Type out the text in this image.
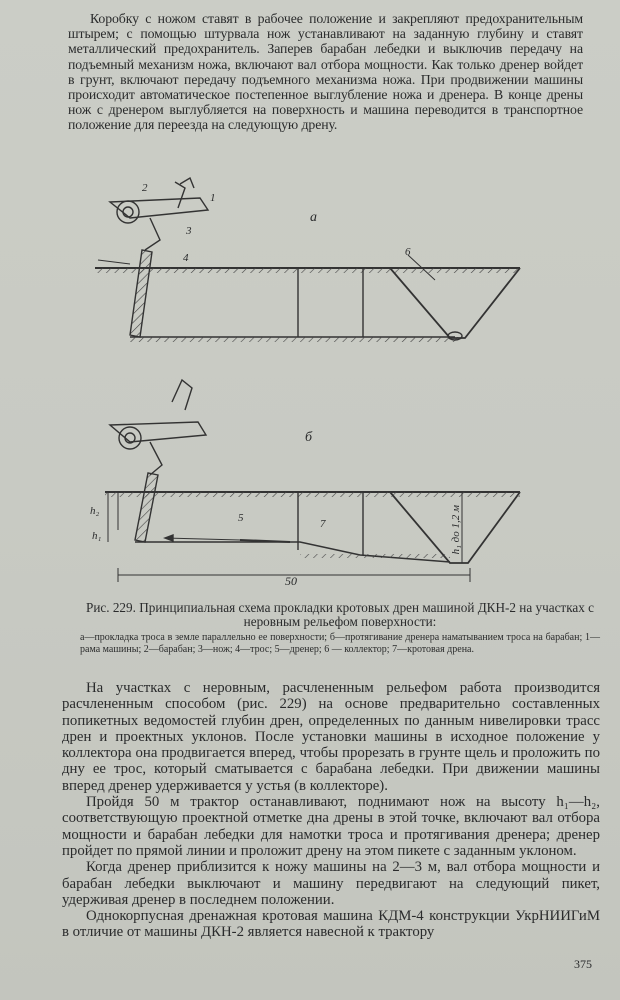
Коробку с ножом ставят в рабочее положение и закрепляют предохранительным штырем; с помощью штурвала нож устанавливают на заданную глубину и ставят металлический предохранитель. Заперев барабан лебедки и выключив передачу на подъемный механизм ножа, включают вал отбора мощности. Как только дренер войдет в грунт, включают передачу подъемного механизма ножа. При продвижении машины происходит автоматическое постепенное выглубление ножа и дренера. В конце дрены нож с дренером выглубляется на поверхность и машина переводится в транспортное положение для переезда на следующую дрену.

а
б
1
2
3
4
5
6
7
h₂
h₁	h₁ до 1,2 м
50
Рис. 229. Принципиальная схема прокладки кротовых дрен машиной ДКН-2 на участках с неровным рельефом поверхности:
а—прокладка троса в земле параллельно ее поверхности; б—протягивание дренера наматыванием троса на барабан; 1—рама машины; 2—барабан; 3—нож; 4—трос; 5—дренер; 6 — коллектор; 7—кротовая дрена.

На участках с неровным, расчлененным рельефом работа производится расчлененным способом (рис. 229) на основе предварительно составленных попикетных ведомостей глубин дрен, определенных по данным нивелировки трасс дрен и проектных уклонов. После установки машины в исходное положение у коллектора она продвигается вперед, чтобы прорезать в грунте щель и проложить по дну ее трос, который сматывается с барабана лебедки. При движении машины вперед дренер удерживается у устья (в коллекторе).

Пройдя 50 м трактор останавливают, поднимают нож на высоту h₁—h₂, соответствующую проектной отметке дна дрены в этой точке, включают вал отбора мощности и барабан лебедки для намотки троса и протягивания дренера; дренер пройдет по прямой линии и проложит дрену на этом пикете с заданным уклоном.

Когда дренер приблизится к ножу машины на 2—3 м, вал отбора мощности и барабан лебедки выключают и машину передвигают на следующий пикет, удерживая дренер в последнем положении.

Однокорпусная дренажная кротовая машина КДМ-4 конструкции УкрНИИГиМ в отличие от машины ДКН-2 является навесной к трактору

375
